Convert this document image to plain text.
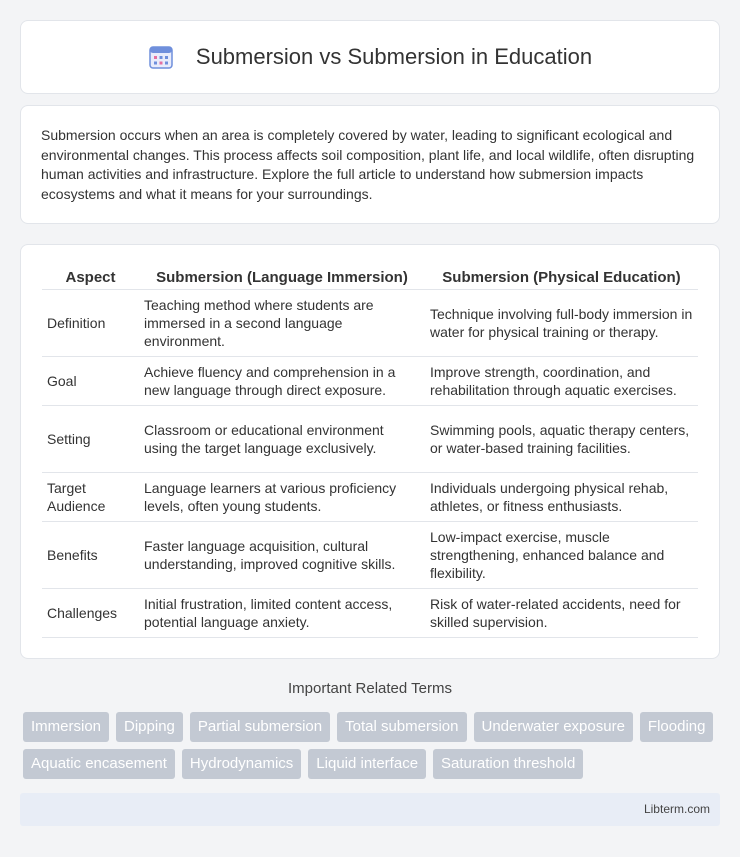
Submersion vs Submersion in Education

Submersion occurs when an area is completely covered by water, leading to significant ecological and environmental changes. This process affects soil composition, plant life, and local wildlife, often disrupting human activities and infrastructure. Explore the full article to understand how submersion impacts ecosystems and what it means for your surroundings.

Aspect	Submersion (Language Immersion)	Submersion (Physical Education)
Definition	Teaching method where students are immersed in a second language environment.	Technique involving full-body immersion in water for physical training or therapy.
Goal	Achieve fluency and comprehension in a new language through direct exposure.	Improve strength, coordination, and rehabilitation through aquatic exercises.
Setting	Classroom or educational environment using the target language exclusively.	Swimming pools, aquatic therapy centers, or water-based training facilities.
Target Audience	Language learners at various proficiency levels, often young students.	Individuals undergoing physical rehab, athletes, or fitness enthusiasts.
Benefits	Faster language acquisition, cultural understanding, improved cognitive skills.	Low-impact exercise, muscle strengthening, enhanced balance and flexibility.
Challenges	Initial frustration, limited content access, potential language anxiety.	Risk of water-related accidents, need for skilled supervision.
Important Related Terms
Immersion	Dipping	Partial submersion	Total submersion	Underwater exposure	Flooding
Aquatic encasement	Hydrodynamics	Liquid interface	Saturation threshold
Libterm.com
